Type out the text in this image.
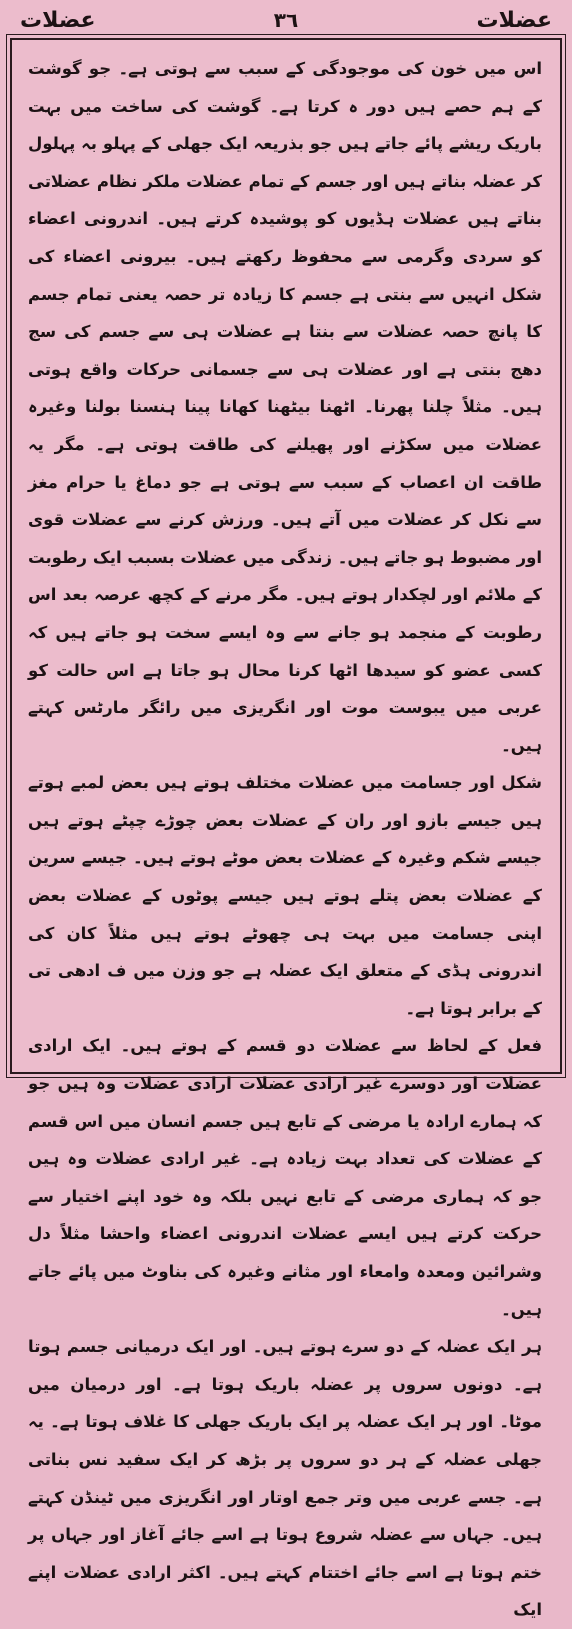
عضلات
٣٦
عضلات

اس میں خون کی موجودگی کے سبب سے ہوتی ہے۔ جو گوشت کے ہم حصے ہیں دور ہ کرتا ہے۔ گوشت کی ساخت میں بہت باریک ریشے پائے جاتے ہیں جو بذریعہ ایک جھلی کے پہلو بہ پہلول کر عضلہ بناتے ہیں اور جسم کے تمام عضلات ملکر نظام عضلاتی بناتے ہیں عضلات ہڈیوں کو پوشیدہ کرتے ہیں۔ اندرونی اعضاء کو سردی وگرمی سے محفوظ رکھتے ہیں۔ بیرونی اعضاء کی شکل انہیں سے بنتی ہے جسم کا زیادہ تر حصہ یعنی تمام جسم کا پانچ حصہ عضلات سے بنتا ہے عضلات ہی سے جسم کی سج دھج بنتی ہے اور عضلات ہی سے جسمانی حرکات واقع ہوتی ہیں۔ مثلاً چلنا پھرنا۔ اٹھنا بیٹھنا کھانا پینا ہنسنا بولنا وغیرہ عضلات میں سکڑنے اور پھیلنے کی طاقت ہوتی ہے۔ مگر یہ طاقت ان اعصاب کے سبب سے ہوتی ہے جو دماغ یا حرام مغز سے نکل کر عضلات میں آتے ہیں۔ ورزش کرنے سے عضلات قوی اور مضبوط ہو جاتے ہیں۔ زندگی میں عضلات بسبب ایک رطوبت کے ملائم اور لچکدار ہوتے ہیں۔ مگر مرنے کے کچھ عرصہ بعد اس رطوبت کے منجمد ہو جانے سے وہ ایسے سخت ہو جاتے ہیں کہ کسی عضو کو سیدھا اٹھا کرنا محال ہو جاتا ہے اس حالت کو عربی میں یبوست موت اور انگریزی میں رائگر مارٹس کہتے ہیں۔

شکل اور جسامت میں عضلات مختلف ہوتے ہیں بعض لمبے ہوتے ہیں جیسے بازو اور ران کے عضلات بعض چوڑے چپٹے ہوتے ہیں جیسے شکم وغیرہ کے عضلات بعض موٹے ہوتے ہیں۔ جیسے سرین کے عضلات بعض پتلے ہوتے ہیں جیسے پوٹوں کے عضلات بعض اپنی جسامت میں بہت ہی چھوٹے ہوتے ہیں مثلاً کان کی اندرونی ہڈی کے متعلق ایک عضلہ ہے جو وزن میں ف ادھی تی کے برابر ہوتا ہے۔

فعل کے لحاظ سے عضلات دو قسم کے ہوتے ہیں۔ ایک ارادی عضلات اور دوسرے غیر ارادی عضلات ارادی عضلات وہ ہیں جو کہ ہمارے ارادہ یا مرضی کے تابع ہیں جسم انسان میں اس قسم کے عضلات کی تعداد بہت زیادہ ہے۔ غیر ارادی عضلات وہ ہیں جو کہ ہماری مرضی کے تابع نہیں بلکہ وہ خود اپنے اختیار سے حرکت کرتے ہیں ایسے عضلات اندرونی اعضاء واحشا مثلاً دل وشرائین ومعدہ وامعاء اور مثانے وغیرہ کی بناوٹ میں پائے جاتے ہیں۔

ہر ایک عضلہ کے دو سرے ہوتے ہیں۔ اور ایک درمیانی جسم ہوتا ہے۔ دونوں سروں پر عضلہ باریک ہوتا ہے۔ اور درمیان میں موٹا۔ اور ہر ایک عضلہ پر ایک باریک جھلی کا غلاف ہوتا ہے۔ یہ جھلی عضلہ کے ہر دو سروں پر بڑھ کر ایک سفید نس بناتی ہے۔ جسے عربی میں وتر جمع اوتار اور انگریزی میں ٹینڈن کہتے ہیں۔ جہاں سے عضلہ شروع ہوتا ہے اسے جائے آغاز اور جہاں پر ختم ہوتا ہے اسے جائے اختتام کہتے ہیں۔ اکثر ارادی عضلات اپنے ایک
